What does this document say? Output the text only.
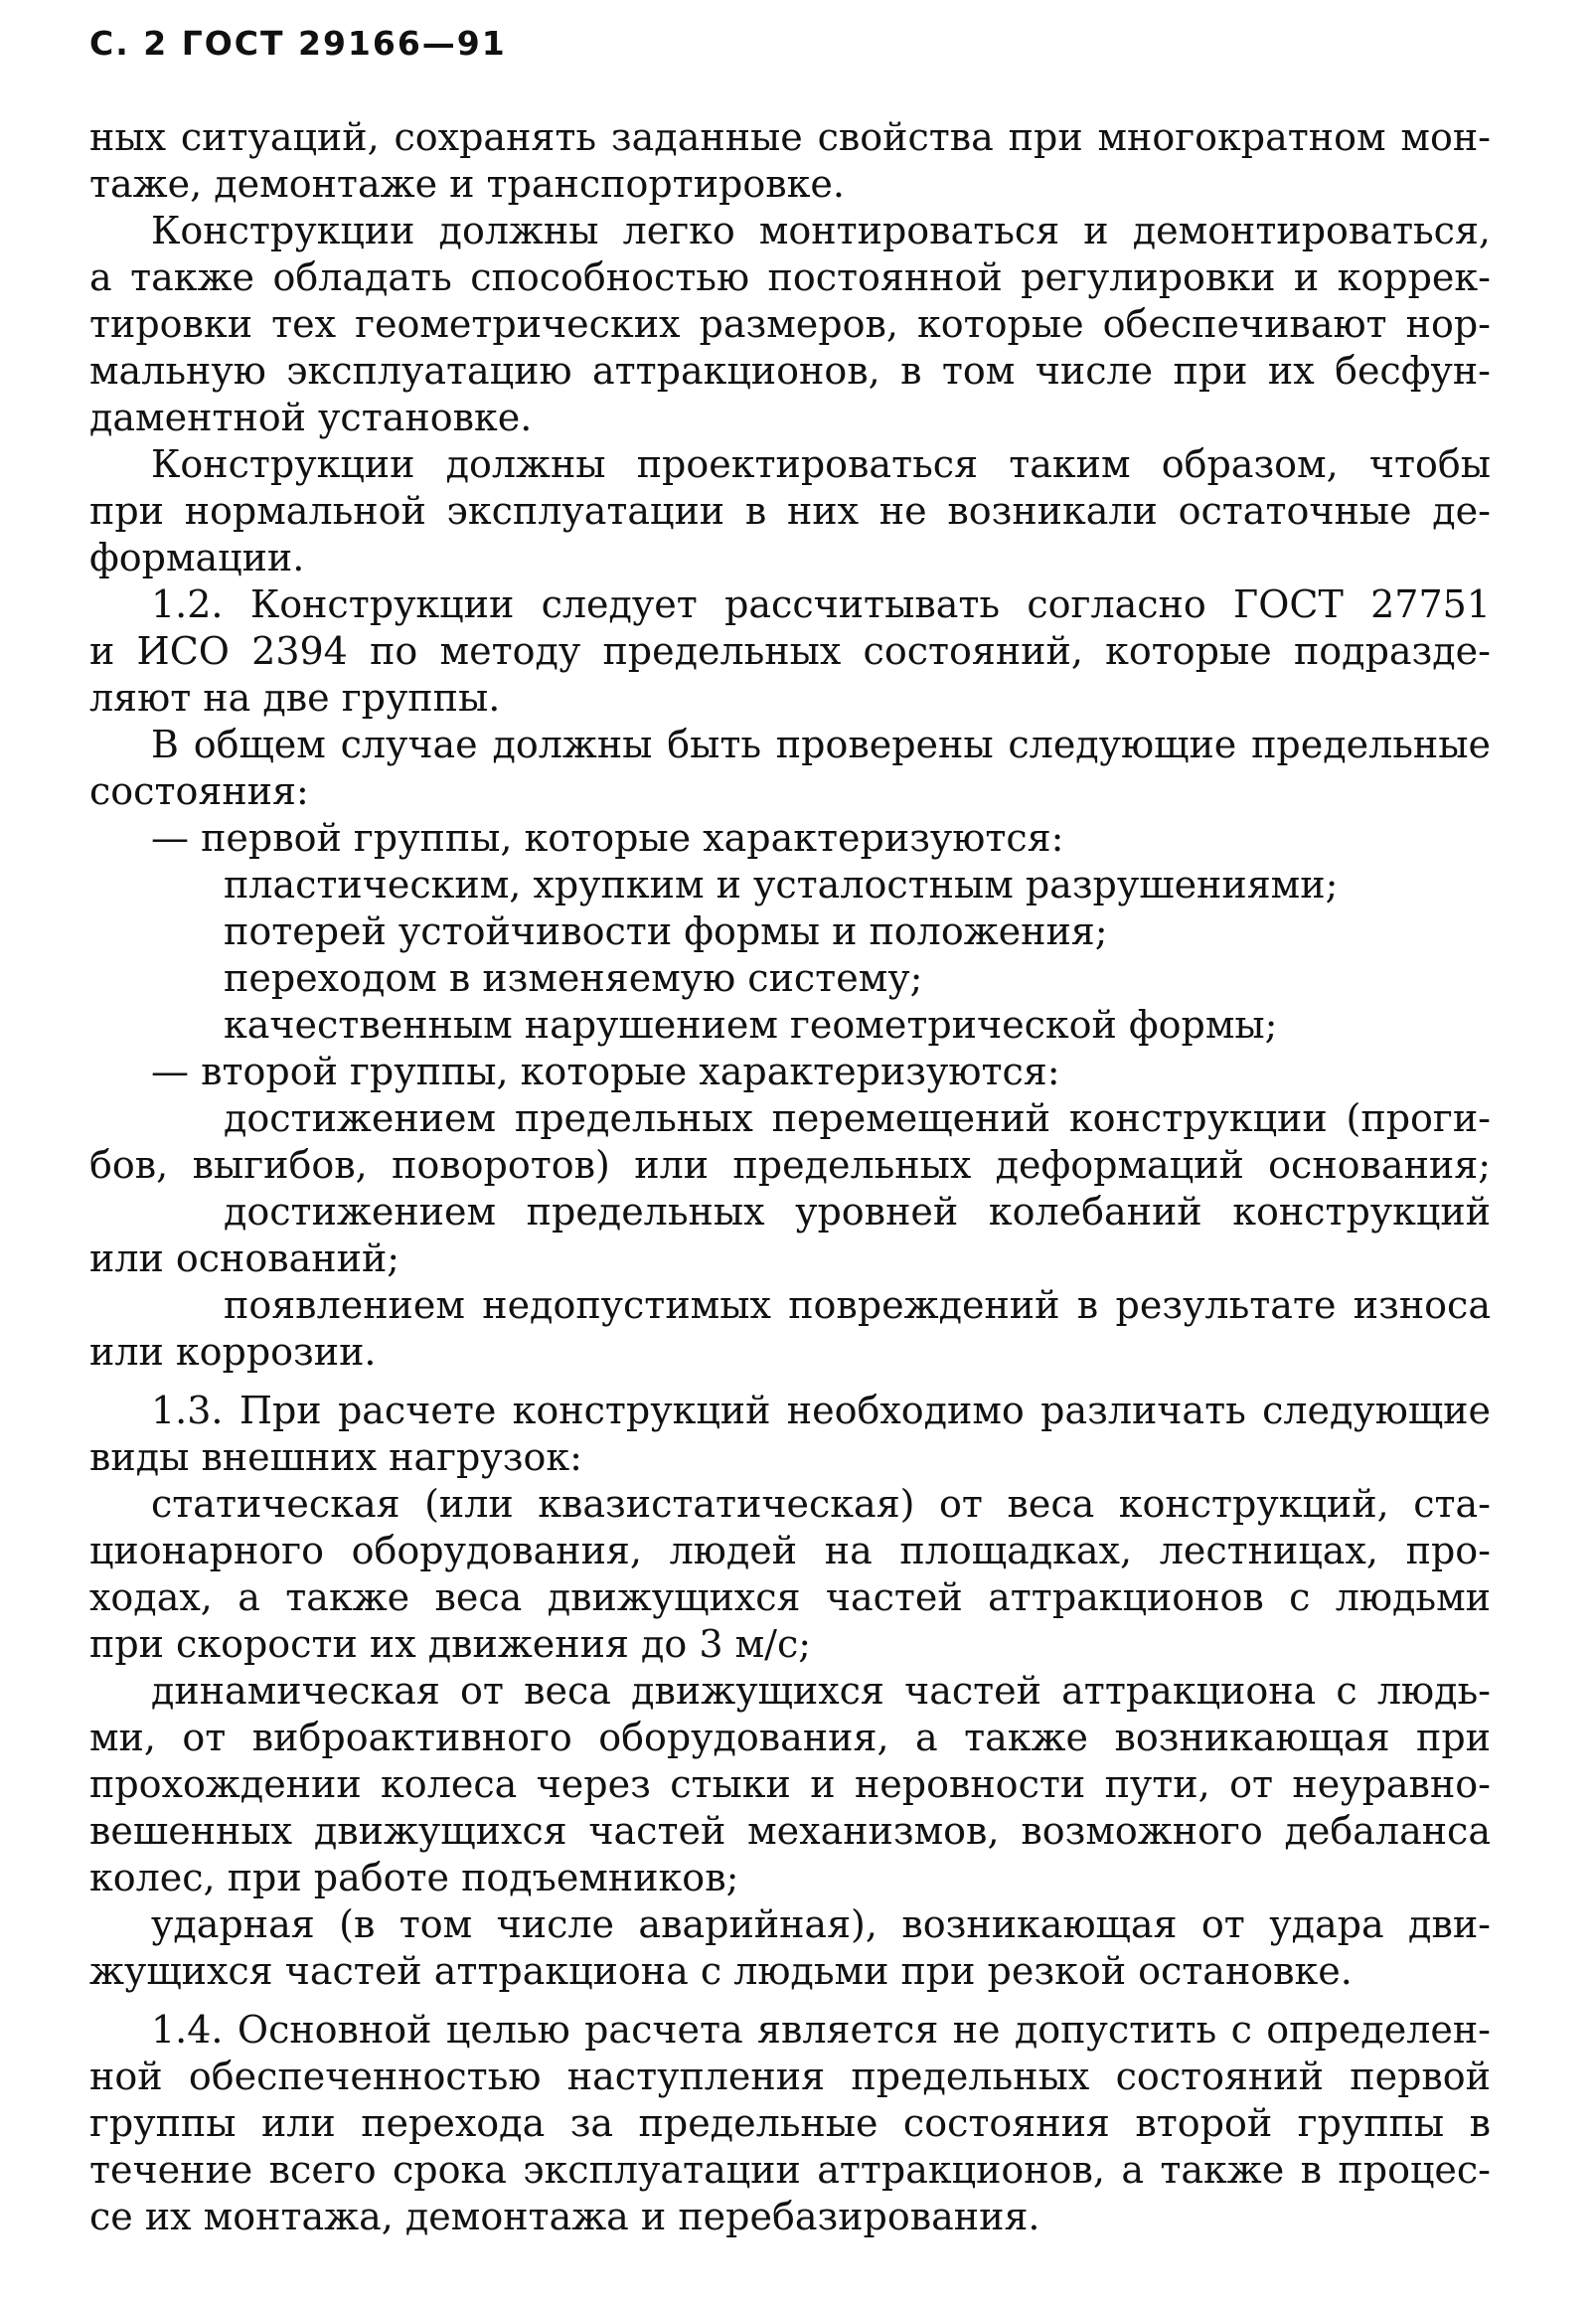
С. 2 ГОСТ 29166—91

ных ситуаций, сохранять заданные свойства при многократном мон-
таже, демонтаже и транспортировке.
Конструкции должны легко монтироваться и демонтироваться,
а также обладать способностью постоянной регулировки и коррек-
тировки тех геометрических размеров, которые обеспечивают нор-
мальную эксплуатацию аттракционов, в том числе при их бесфун-
даментной установке.
Конструкции должны проектироваться таким образом, чтобы
при нормальной эксплуатации в них не возникали остаточные де-
формации.
1.2. Конструкции следует рассчитывать согласно ГОСТ 27751
и ИСО 2394 по методу предельных состояний, которые подразде-
ляют на две группы.
В общем случае должны быть проверены следующие предельные
состояния:
— первой группы, которые характеризуются:
пластическим, хрупким и усталостным разрушениями;
потерей устойчивости формы и положения;
переходом в изменяемую систему;
качественным нарушением геометрической формы;
— второй группы, которые характеризуются:
достижением предельных перемещений конструкции (проги-
бов, выгибов, поворотов) или предельных деформаций основания;
достижением предельных уровней колебаний конструкций
или оснований;
появлением недопустимых повреждений в результате износа
или коррозии.
1.3. При расчете конструкций необходимо различать следующие
виды внешних нагрузок:
статическая (или квазистатическая) от веса конструкций, ста-
ционарного оборудования, людей на площадках, лестницах, про-
ходах, а также веса движущихся частей аттракционов с людьми
при скорости их движения до 3 м/с;
динамическая от веса движущихся частей аттракциона с людь-
ми, от виброактивного оборудования, а также возникающая при
прохождении колеса через стыки и неровности пути, от неуравно-
вешенных движущихся частей механизмов, возможного дебаланса
колес, при работе подъемников;
ударная (в том числе аварийная), возникающая от удара дви-
жущихся частей аттракциона с людьми при резкой остановке.
1.4. Основной целью расчета является не допустить с определен-
ной обеспеченностью наступления предельных состояний первой
группы или перехода за предельные состояния второй группы в
течение всего срока эксплуатации аттракционов, а также в процес-
се их монтажа, демонтажа и перебазирования.
